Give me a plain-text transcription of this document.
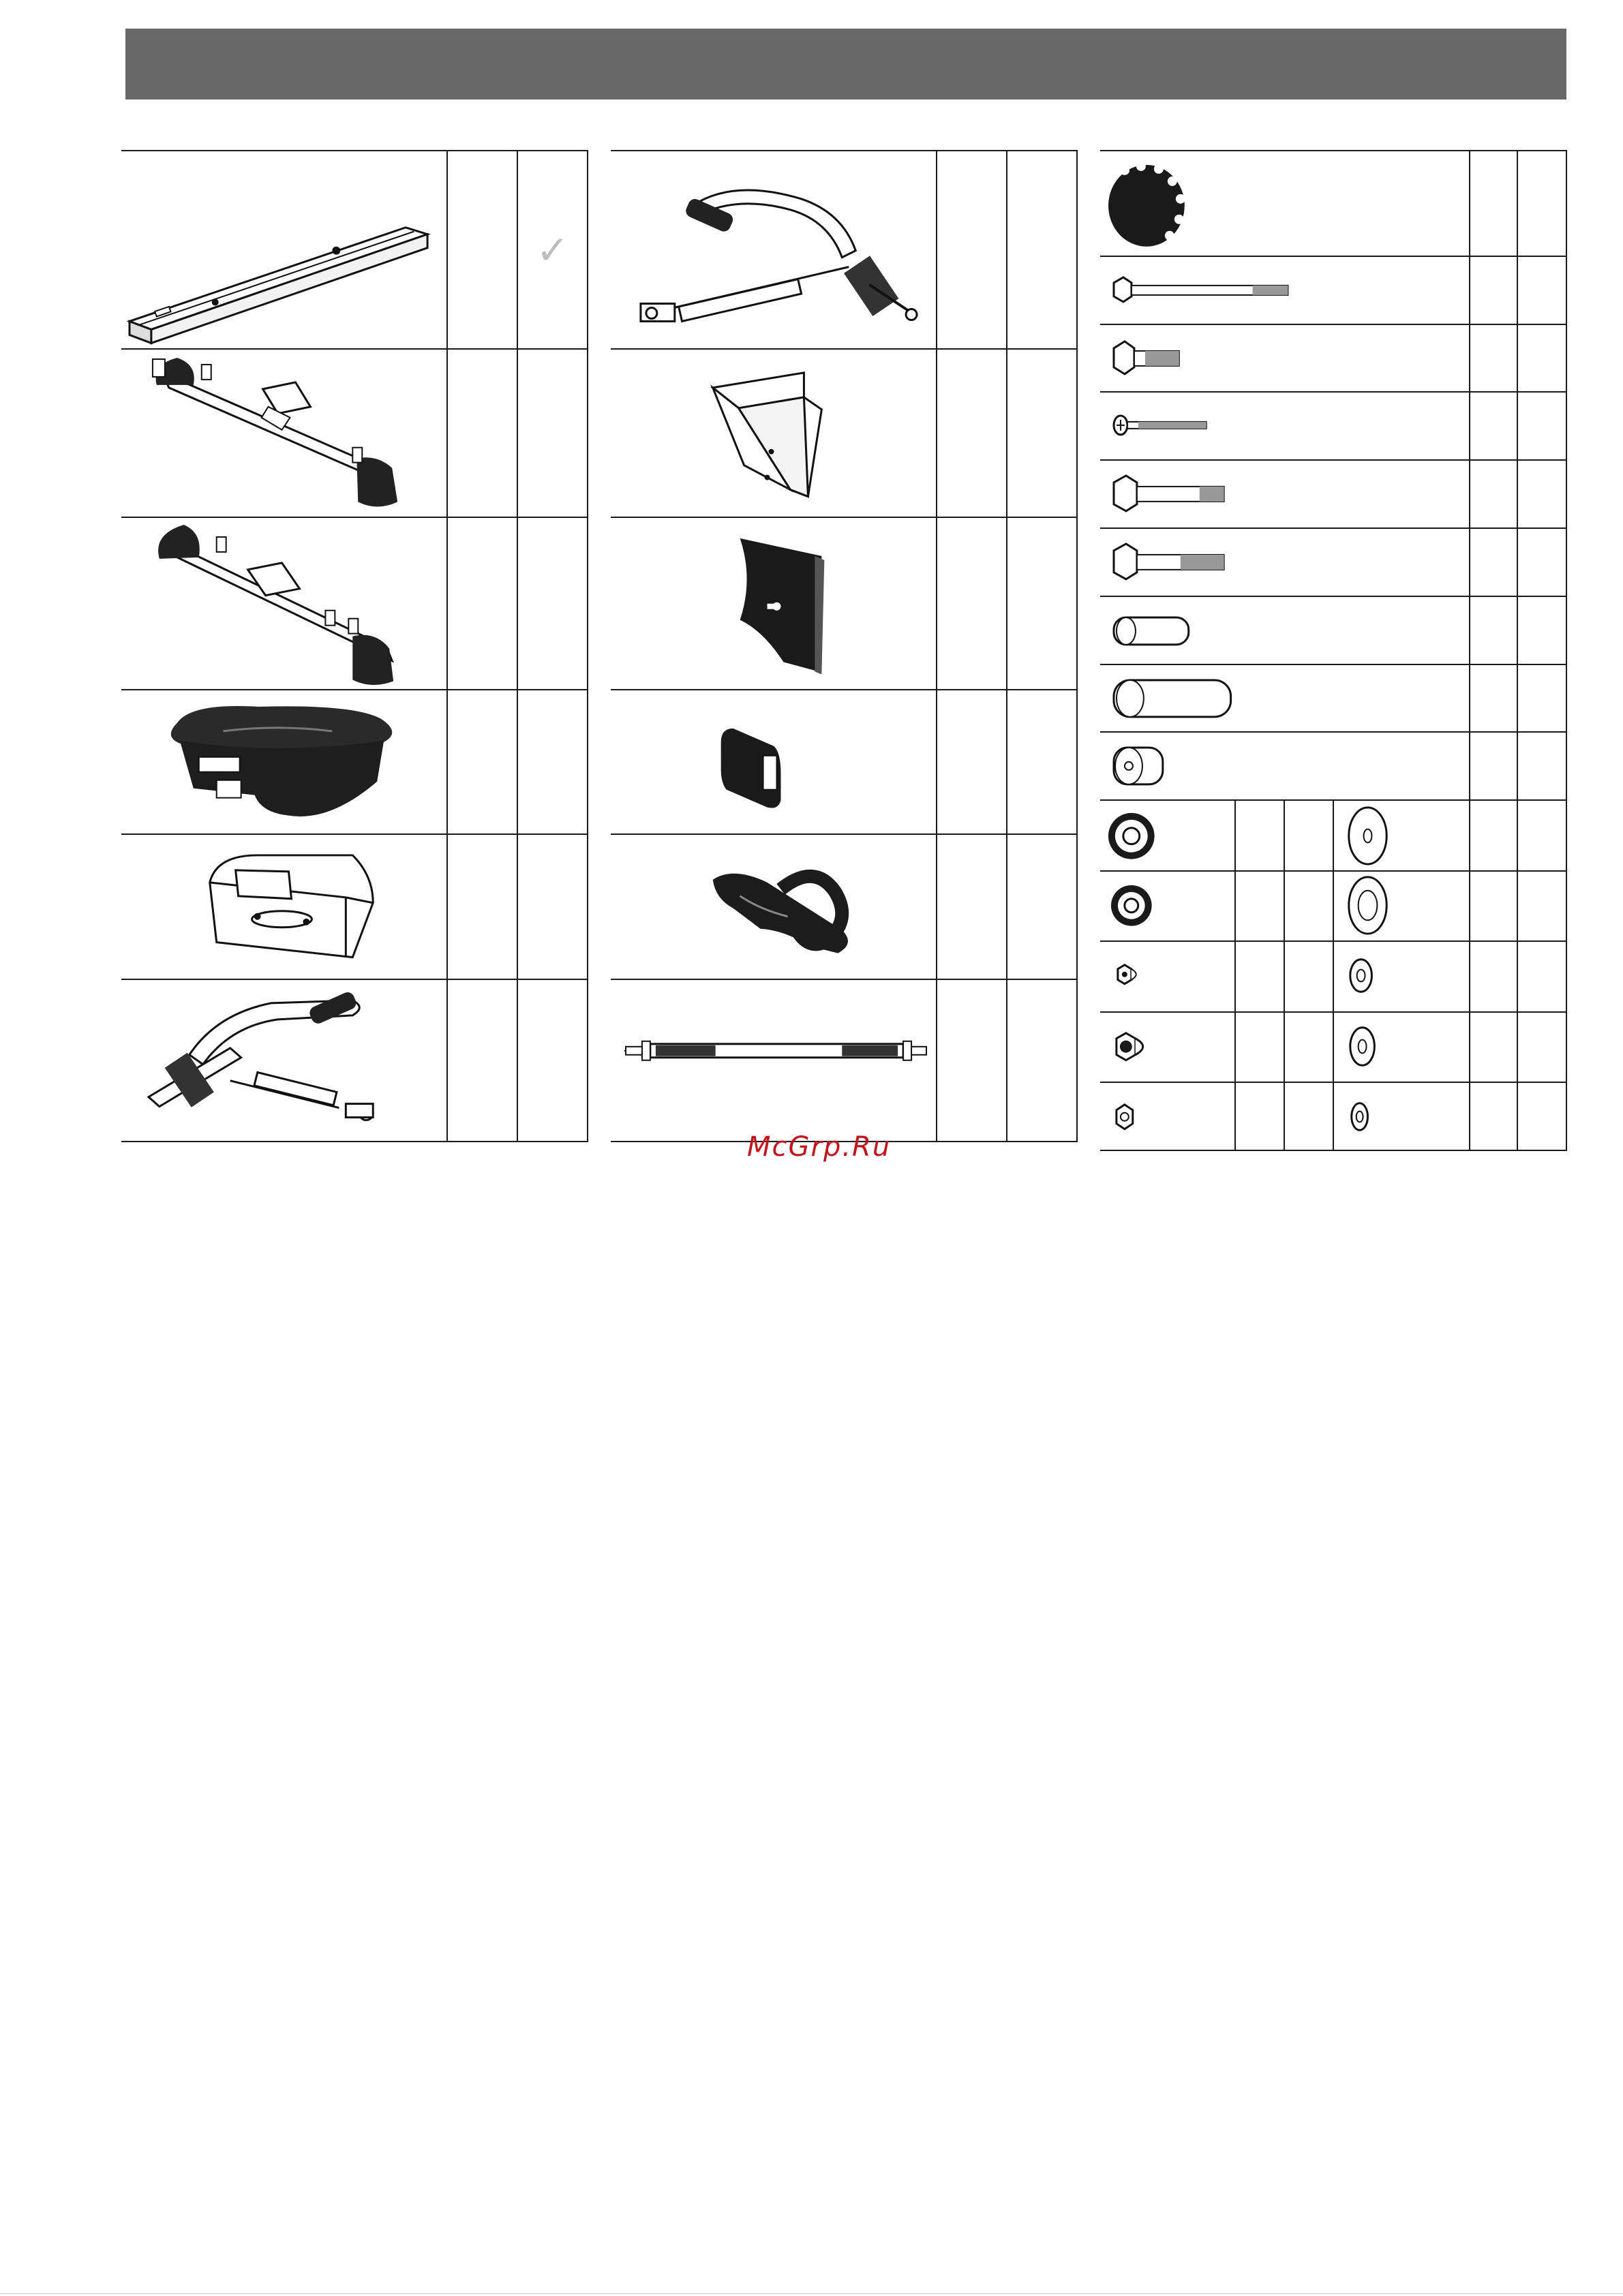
		✓

McGrp.Ru
